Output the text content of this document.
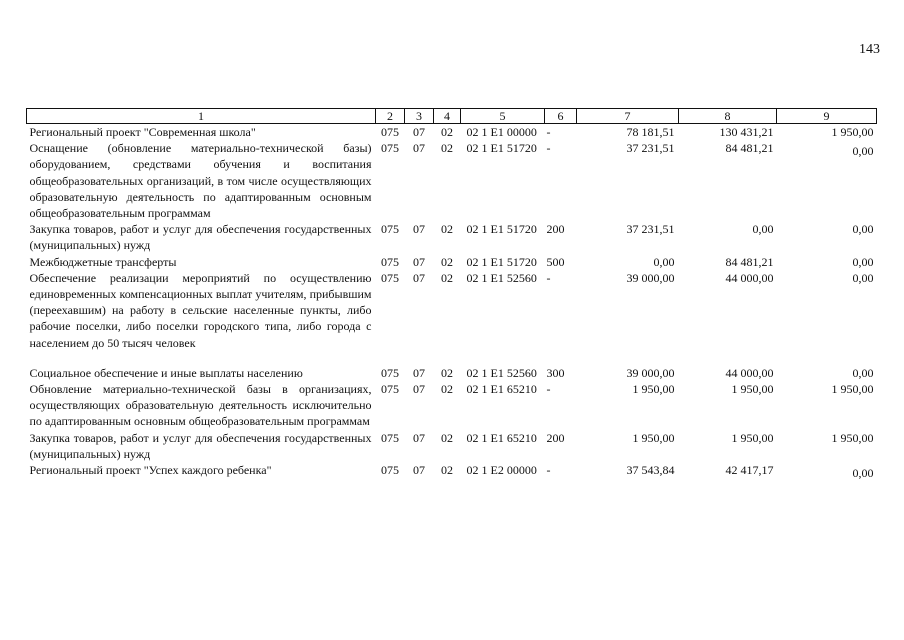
143
1	2	3	4	5	6	7	8	9
Региональный проект "Современная школа"	075	07	02	02 1 E1 00000	-	78 181,51	130 431,21	1 950,00
Оснащение (обновление материально-технической базы) оборудованием, средствами обучения и воспитания общеобразовательных организаций, в том числе осуществляющих образовательную деятельность по адаптированным основным общеобразовательным программам	075	07	02	02 1 E1 51720	-	37 231,51	84 481,21	0,00
Закупка товаров, работ и услуг для обеспечения государственных (муниципальных) нужд	075	07	02	02 1 E1 51720	200	37 231,51	0,00	0,00
Межбюджетные трансферты	075	07	02	02 1 E1 51720	500	0,00	84 481,21	0,00
Обеспечение реализации мероприятий по осуществлению единовременных компенсационных выплат учителям, прибывшим (переехавшим) на работу в сельские населенные пункты, либо рабочие поселки, либо поселки городского типа, либо города с населением до 50 тысяч человек	075	07	02	02 1 E1 52560	-	39 000,00	44 000,00	0,00

Социальное обеспечение и иные выплаты населению	075	07	02	02 1 E1 52560	300	39 000,00	44 000,00	0,00
Обновление материально-технической базы в организациях, осуществляющих образовательную деятельность исключительно по адаптированным основным общеобразовательным программам	075	07	02	02 1 E1 65210	-	1 950,00	1 950,00	1 950,00
Закупка товаров, работ и услуг для обеспечения государственных (муниципальных) нужд	075	07	02	02 1 E1 65210	200	1 950,00	1 950,00	1 950,00
Региональный проект "Успех каждого ребенка"	075	07	02	02 1 E2 00000	-	37 543,84	42 417,17	0,00
